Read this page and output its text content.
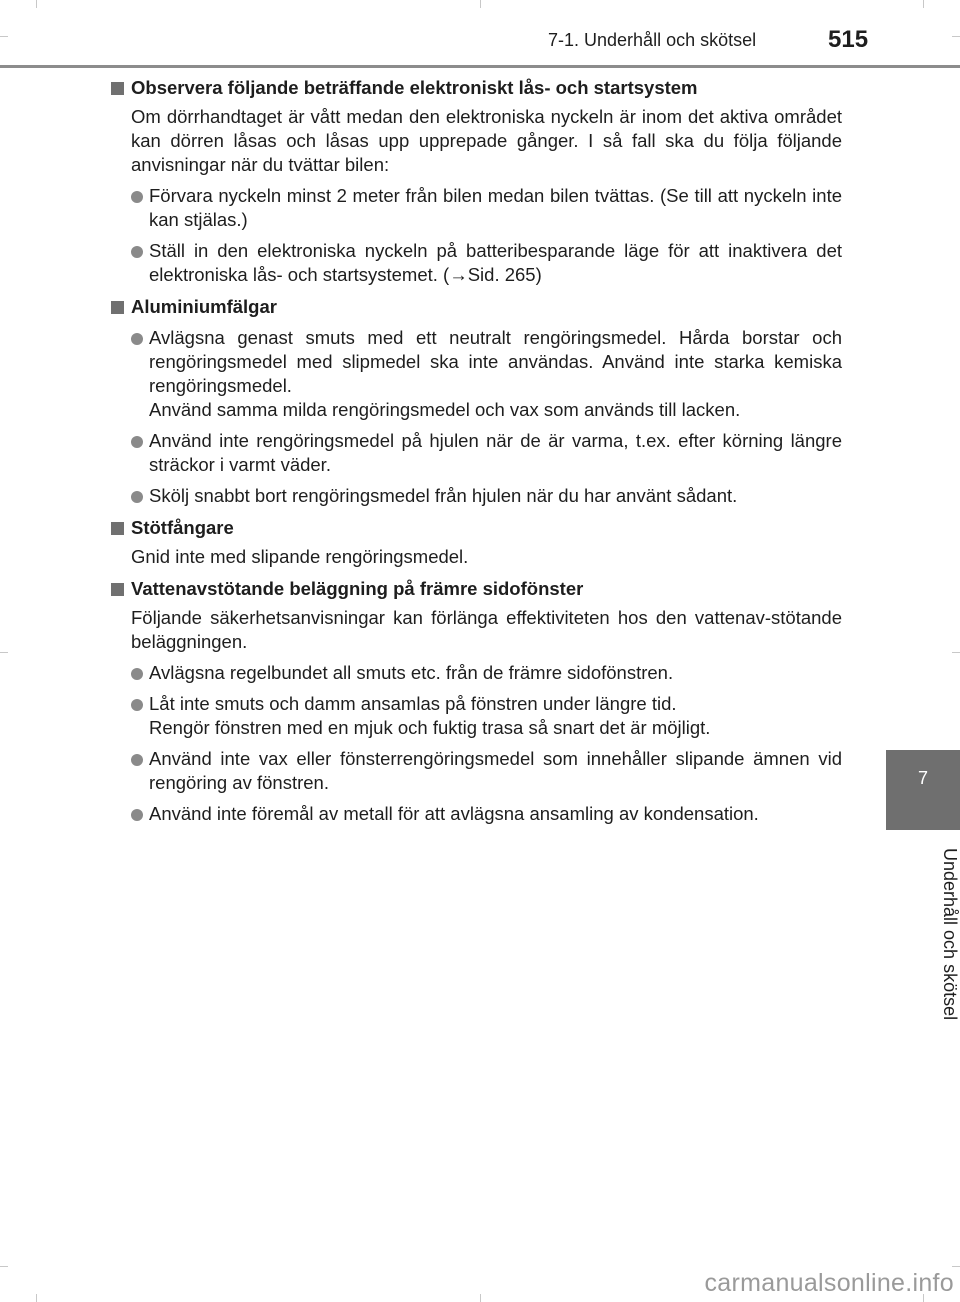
7-1. Underhåll och skötsel	515
7
Underhåll och skötsel
Observera följande beträffande elektroniskt lås- och startsystem
Om dörrhandtaget är vått medan den elektroniska nyckeln är inom det aktiva området kan dörren låsas och låsas upp upprepade gånger. I så fall ska du följa följande anvisningar när du tvättar bilen:
Förvara nyckeln minst 2 meter från bilen medan bilen tvättas. (Se till att nyckeln inte kan stjälas.)
Ställ in den elektroniska nyckeln på batteribesparande läge för att inaktivera det elektroniska lås- och startsystemet. (→Sid. 265)
Aluminiumfälgar
Avlägsna genast smuts med ett neutralt rengöringsmedel. Hårda borstar och rengöringsmedel med slipmedel ska inte användas. Använd inte starka kemiska rengöringsmedel.
Använd samma milda rengöringsmedel och vax som används till lacken.
Använd inte rengöringsmedel på hjulen när de är varma, t.ex. efter körning längre sträckor i varmt väder.
Skölj snabbt bort rengöringsmedel från hjulen när du har använt sådant.
Stötfångare
Gnid inte med slipande rengöringsmedel.
Vattenavstötande beläggning på främre sidofönster
Följande säkerhetsanvisningar kan förlänga effektiviteten hos den vattenav-stötande beläggningen.
Avlägsna regelbundet all smuts etc. från de främre sidofönstren.
Låt inte smuts och damm ansamlas på fönstren under längre tid.
Rengör fönstren med en mjuk och fuktig trasa så snart det är möjligt.
Använd inte vax eller fönsterrengöringsmedel som innehåller slipande ämnen vid rengöring av fönstren.
Använd inte föremål av metall för att avlägsna ansamling av kondensation.
carmanualsonline.info
